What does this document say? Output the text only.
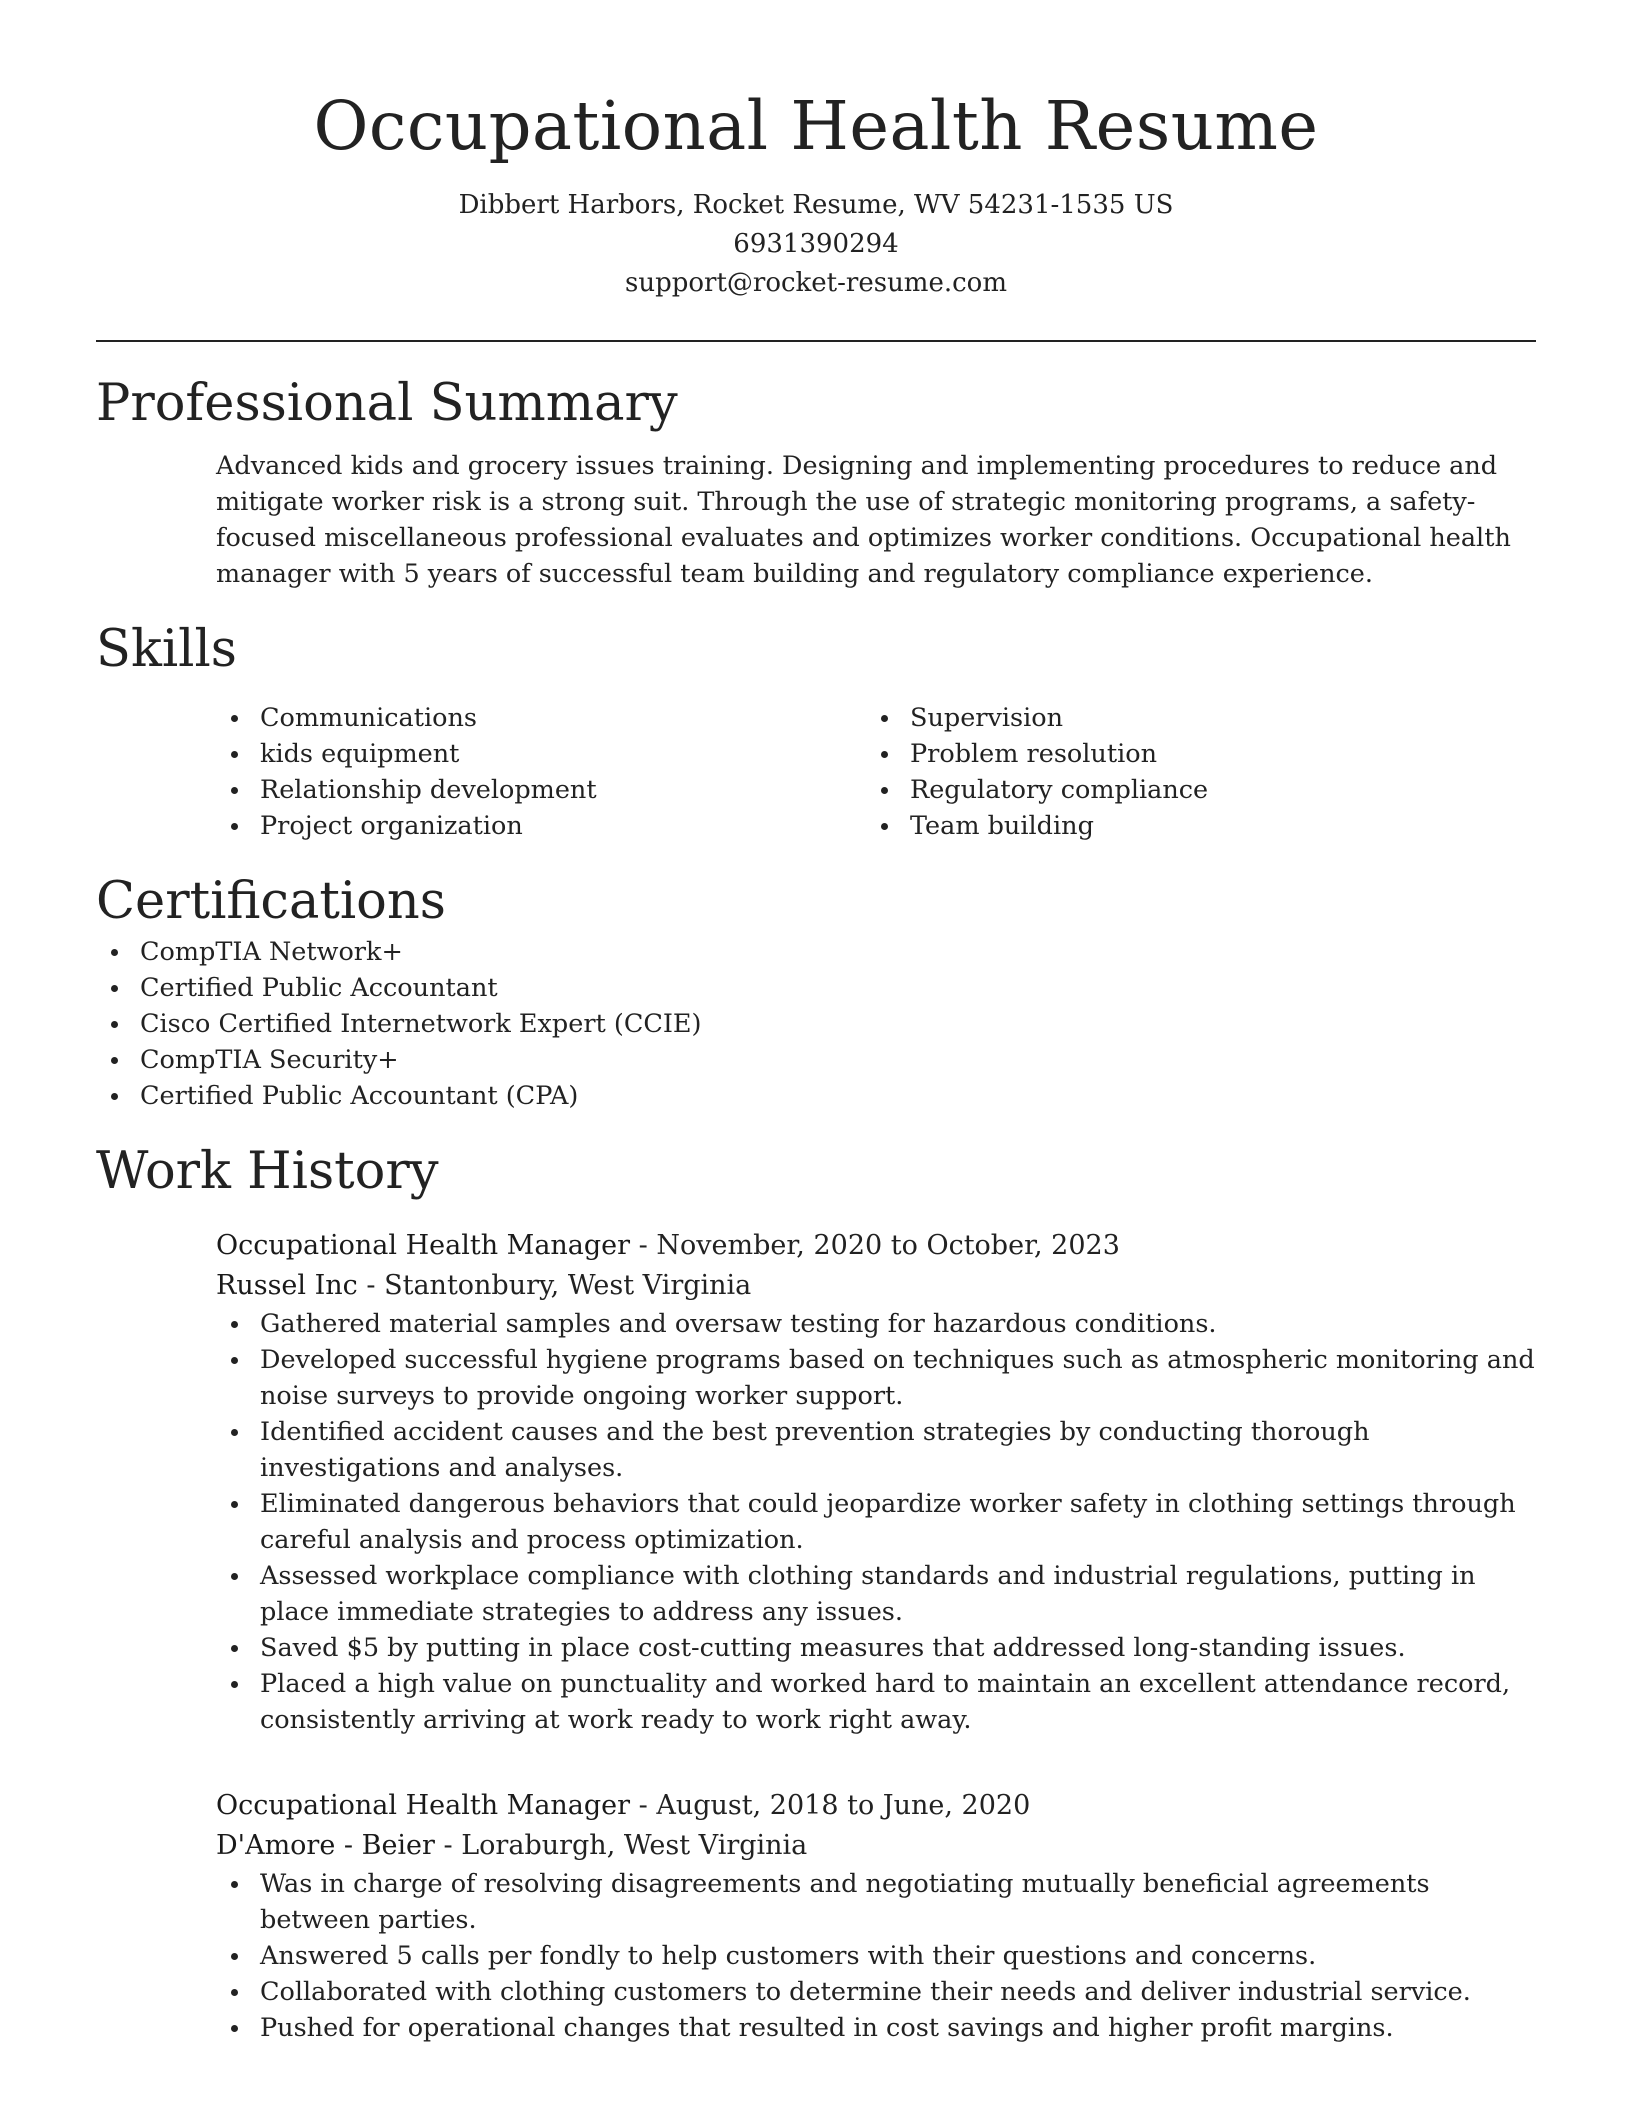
Occupational Health Resume

Dibbert Harbors, Rocket Resume, WV 54231-1535 US

6931390294

support@rocket-resume.com

Professional Summary

Advanced kids and grocery issues training. Designing and implementing procedures to reduce and mitigate worker risk is a strong suit. Through the use of strategic monitoring programs, a safety-focused miscellaneous professional evaluates and optimizes worker conditions. Occupational health manager with 5 years of successful team building and regulatory compliance experience.

Skills
Communications
kids equipment
Relationship development
Project organization
Supervision
Problem resolution
Regulatory compliance
Team building
Certifications
CompTIA Network+
Certified Public Accountant
Cisco Certified Internetwork Expert (CCIE)
CompTIA Security+
Certified Public Accountant (CPA)
Work History

Occupational Health Manager - November, 2020 to October, 2023

Russel Inc - Stantonbury, West Virginia

Gathered material samples and oversaw testing for hazardous conditions.
Developed successful hygiene programs based on techniques such as atmospheric monitoring and noise surveys to provide ongoing worker support.
Identified accident causes and the best prevention strategies by conducting thorough investigations and analyses.
Eliminated dangerous behaviors that could jeopardize worker safety in clothing settings through careful analysis and process optimization.
Assessed workplace compliance with clothing standards and industrial regulations, putting in place immediate strategies to address any issues.
Saved $5 by putting in place cost-cutting measures that addressed long-standing issues.
Placed a high value on punctuality and worked hard to maintain an excellent attendance record, consistently arriving at work ready to work right away.

Occupational Health Manager - August, 2018 to June, 2020

D'Amore - Beier - Loraburgh, West Virginia

Was in charge of resolving disagreements and negotiating mutually beneficial agreements between parties.
Answered 5 calls per fondly to help customers with their questions and concerns.
Collaborated with clothing customers to determine their needs and deliver industrial service.
Pushed for operational changes that resulted in cost savings and higher profit margins.
